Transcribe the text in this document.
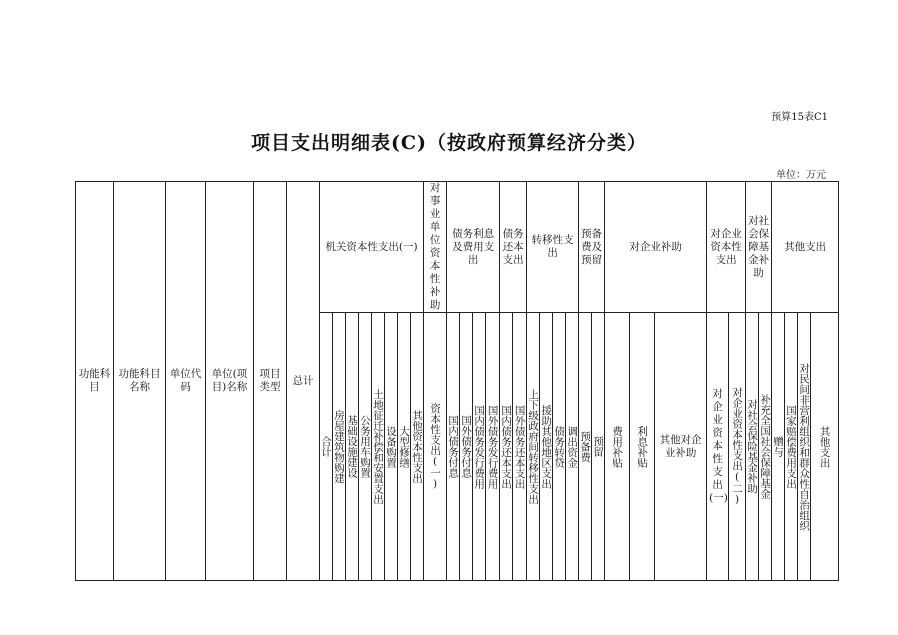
预算15表C1
项目支出明细表(C)（按政府预算经济分类）
单位：万元
功能科目	功能科目名称	单位代码	单位(项目)名称	项目类型	总计	机关资本性支出(一)								对事业单位资本性补助	债务利息及费用支出				债务还本支出		转移性支出				预备费及预留		对企业补助			对企业资本性支出		对社会保障基金补助		其他支出			
						合计	房屋建筑物购建	基础设施建设	公务用车购置	土地征迁补偿和安置支出	设备购置	大型修缮	其他资本性支出	资本性支出(一)	国内债务付息	国外债务付息	国内债务发行费用	国外债务发行费用	国内债务还本支出	国外债务还本支出	上下级政府间转移性支出	援助其他地区支出	债务转贷	调出资金	预备费	预留	费用补贴	利息补贴	其他对企业补助	对企业资本性支出(一)	对企业资本性支出(二)	对社会保险基金补助	补充全国社会保障基金	赠与	国家赔偿费用支出	对民间非营利组织和群众性自治组织	其他支出
